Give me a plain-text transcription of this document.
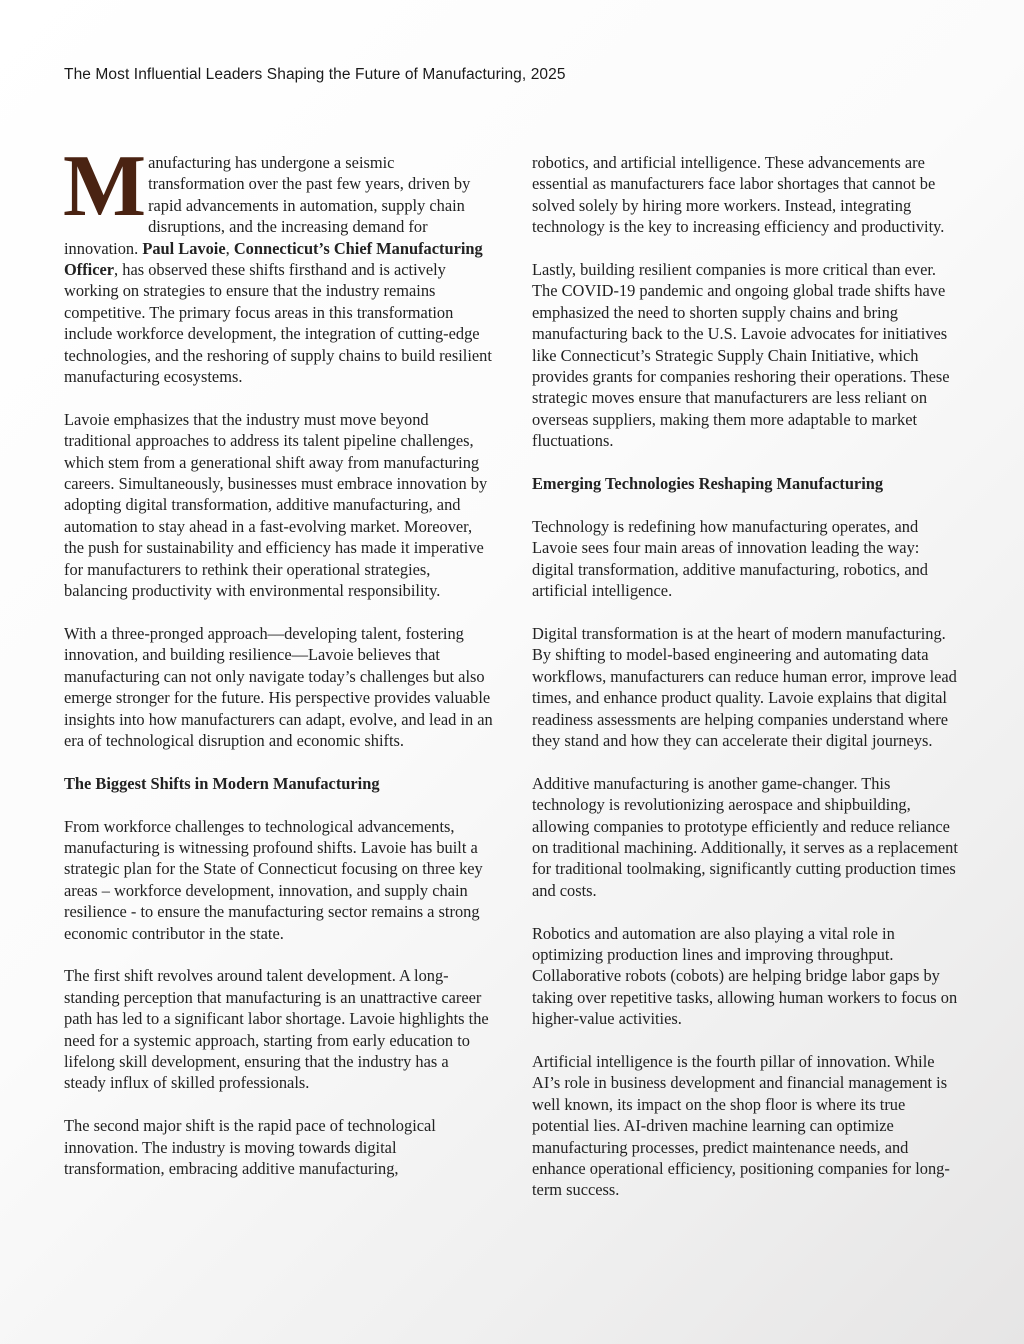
The Most Influential Leaders Shaping the Future of Manufacturing, 2025

Manufacturing has undergone a seismic transformation over the past few years, driven by rapid advancements in automation, supply chain disruptions, and the increasing demand for innovation. Paul Lavoie, Connecticut’s Chief Manufacturing Officer, has observed these shifts firsthand and is actively working on strategies to ensure that the industry remains competitive. The primary focus areas in this transformation include workforce development, the integration of cutting-edge technologies, and the reshoring of supply chains to build resilient manufacturing ecosystems.

Lavoie emphasizes that the industry must move beyond traditional approaches to address its talent pipeline challenges, which stem from a generational shift away from manufacturing careers. Simultaneously, businesses must embrace innovation by adopting digital transformation, additive manufacturing, and automation to stay ahead in a fast-evolving market. Moreover, the push for sustainability and efficiency has made it imperative for manufacturers to rethink their operational strategies, balancing productivity with environmental responsibility.

With a three-pronged approach—developing talent, fostering innovation, and building resilience—Lavoie believes that manufacturing can not only navigate today’s challenges but also emerge stronger for the future. His perspective provides valuable insights into how manufacturers can adapt, evolve, and lead in an era of technological disruption and economic shifts.

The Biggest Shifts in Modern Manufacturing

From workforce challenges to technological advancements, manufacturing is witnessing profound shifts. Lavoie has built a strategic plan for the State of Connecticut focusing on three key areas – workforce development, innovation, and supply chain resilience - to ensure the manufacturing sector remains a strong economic contributor in the state.

The first shift revolves around talent development. A long-standing perception that manufacturing is an unattractive career path has led to a significant labor shortage. Lavoie highlights the need for a systemic approach, starting from early education to lifelong skill development, ensuring that the industry has a steady influx of skilled professionals.

The second major shift is the rapid pace of technological innovation. The industry is moving towards digital transformation, embracing additive manufacturing,

robotics, and artificial intelligence. These advancements are essential as manufacturers face labor shortages that cannot be solved solely by hiring more workers. Instead, integrating technology is the key to increasing efficiency and productivity.

Lastly, building resilient companies is more critical than ever. The COVID-19 pandemic and ongoing global trade shifts have emphasized the need to shorten supply chains and bring manufacturing back to the U.S. Lavoie advocates for initiatives like Connecticut’s Strategic Supply Chain Initiative, which provides grants for companies reshoring their operations. These strategic moves ensure that manufacturers are less reliant on overseas suppliers, making them more adaptable to market fluctuations.

Emerging Technologies Reshaping Manufacturing

Technology is redefining how manufacturing operates, and Lavoie sees four main areas of innovation leading the way: digital transformation, additive manufacturing, robotics, and artificial intelligence.

Digital transformation is at the heart of modern manufacturing. By shifting to model-based engineering and automating data workflows, manufacturers can reduce human error, improve lead times, and enhance product quality. Lavoie explains that digital readiness assessments are helping companies understand where they stand and how they can accelerate their digital journeys.

Additive manufacturing is another game-changer. This technology is revolutionizing aerospace and shipbuilding, allowing companies to prototype efficiently and reduce reliance on traditional machining. Additionally, it serves as a replacement for traditional toolmaking, significantly cutting production times and costs.

Robotics and automation are also playing a vital role in optimizing production lines and improving throughput. Collaborative robots (cobots) are helping bridge labor gaps by taking over repetitive tasks, allowing human workers to focus on higher-value activities.

Artificial intelligence is the fourth pillar of innovation. While AI’s role in business development and financial management is well known, its impact on the shop floor is where its true potential lies. AI-driven machine learning can optimize manufacturing processes, predict maintenance needs, and enhance operational efficiency, positioning companies for long-term success.
